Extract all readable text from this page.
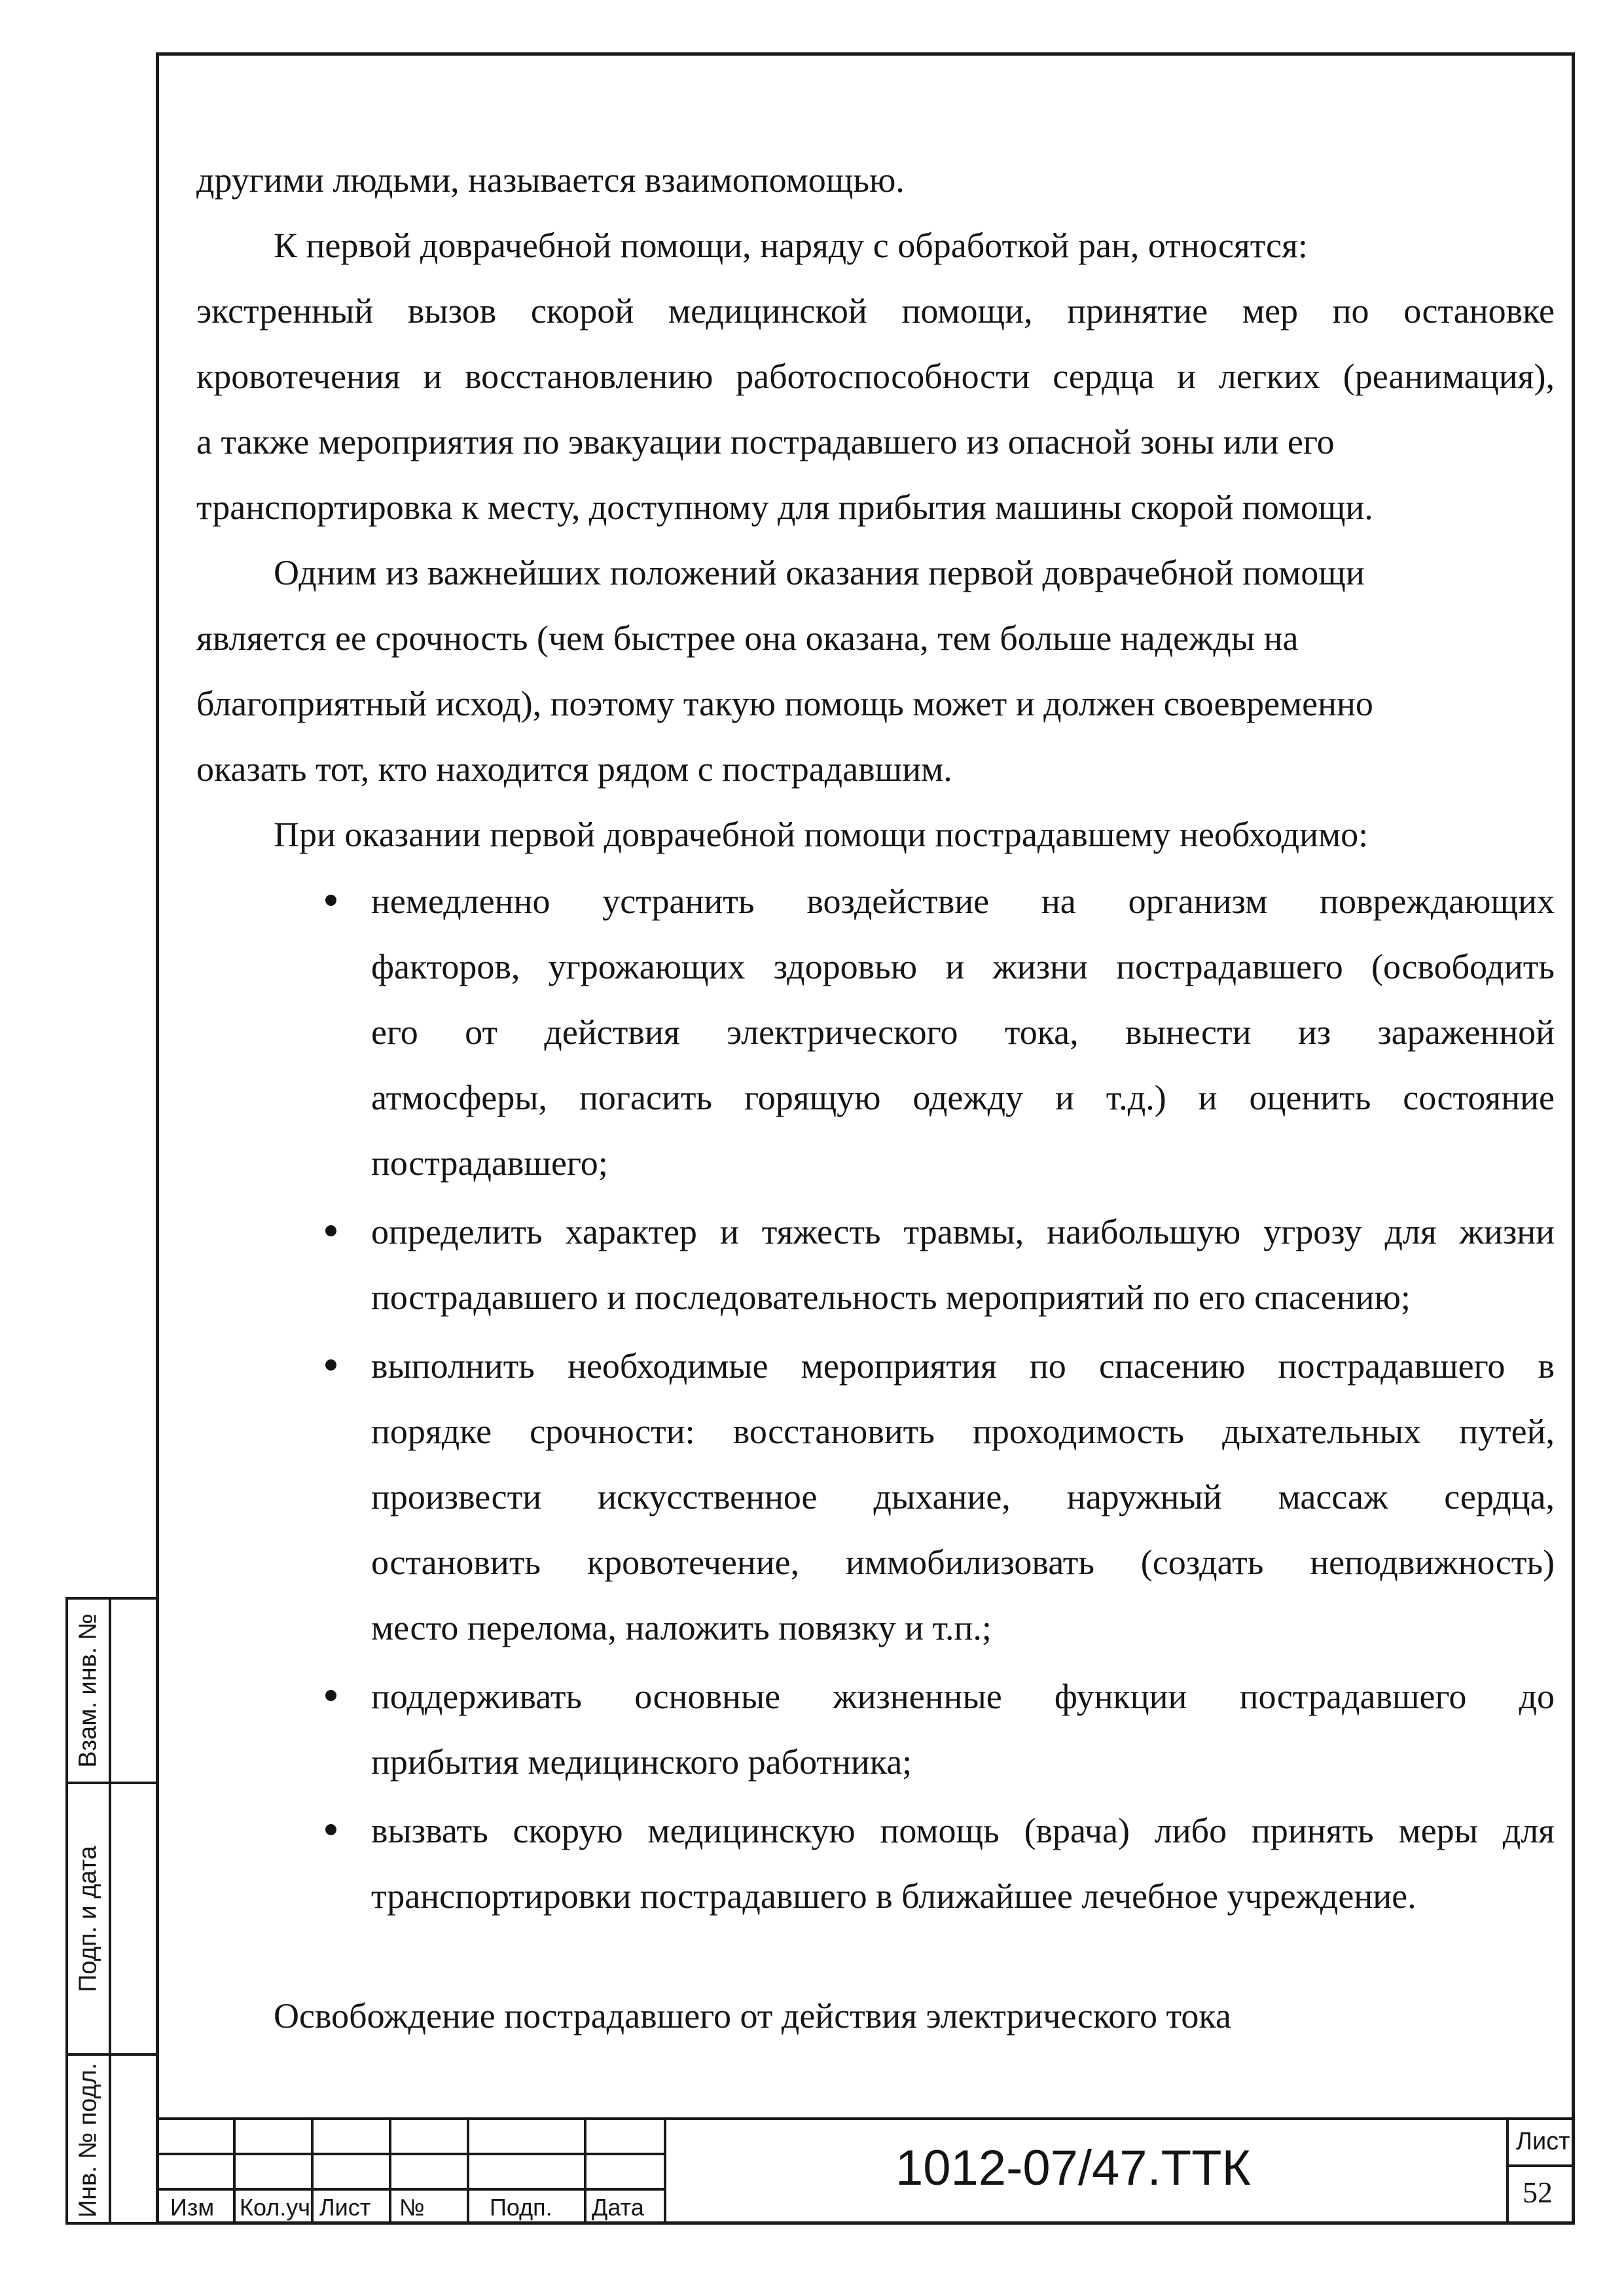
другими людьми, называется взаимопомощью.
К первой доврачебной помощи, наряду с обработкой ран, относятся:
экстренный вызов скорой медицинской помощи, принятие мер по остановке
кровотечения и восстановлению работоспособности сердца и легких (реанимация),
а также мероприятия по эвакуации пострадавшего из опасной зоны или его
транспортировка к месту, доступному для прибытия машины скорой помощи.
Одним из важнейших положений оказания первой доврачебной помощи
является ее срочность (чем быстрее она оказана, тем больше надежды на
благоприятный исход), поэтому такую помощь может и должен своевременно
оказать тот, кто находится рядом с пострадавшим.
При оказании первой доврачебной помощи пострадавшему необходимо:
немедленно устранить воздействие на организм повреждающих
факторов, угрожающих здоровью и жизни пострадавшего (освободить
его от действия электрического тока, вынести из зараженной
атмосферы, погасить горящую одежду и т.д.) и оценить состояние
пострадавшего;
определить характер и тяжесть травмы, наибольшую угрозу для жизни
пострадавшего и последовательность мероприятий по его спасению;
выполнить необходимые мероприятия по спасению пострадавшего в
порядке срочности: восстановить проходимость дыхательных путей,
произвести искусственное дыхание, наружный массаж сердца,
остановить кровотечение, иммобилизовать (создать неподвижность)
место перелома, наложить повязку и т.п.;
поддерживать основные жизненные функции пострадавшего до
прибытия медицинского работника;
вызвать скорую медицинскую помощь (врача) либо принять меры для
транспортировки пострадавшего в ближайшее лечебное учреждение.
Освобождение пострадавшего от действия электрического тока
Взам. инв. №
Подп. и дата
Инв. № подл.	Изм Кол.уч Лист №	Подп. Дата
1012-07/47.ТТК	Лист
52
